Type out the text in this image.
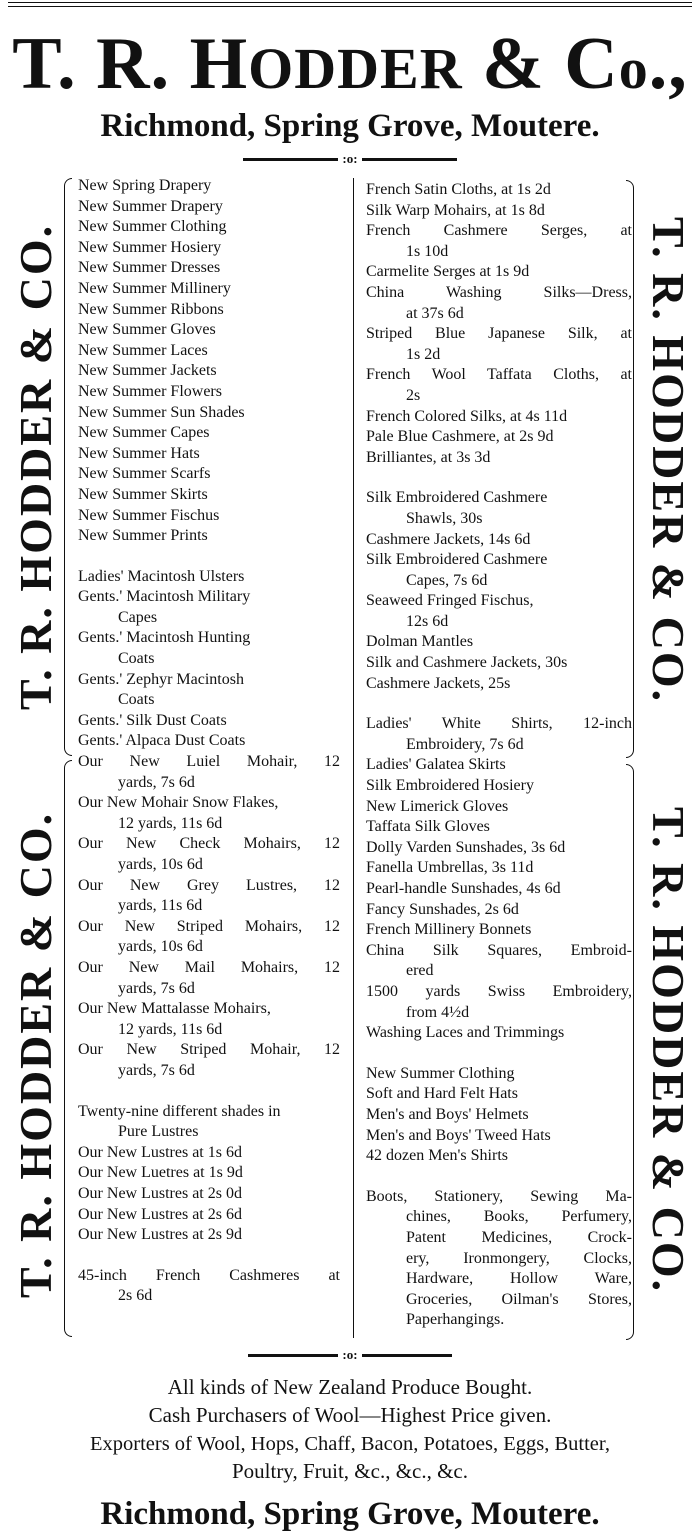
T. R. HODDER & Co.,
Richmond, Spring Grove, Moutere.
:o:
T. R. HODDER & CO.
T. R. HODDER & CO.
T. R. HODDER & CO.
T. R. HODDER & CO.
New Spring Drapery
New Summer Drapery
New Summer Clothing
New Summer Hosiery
New Summer Dresses
New Summer Millinery
New Summer Ribbons
New Summer Gloves
New Summer Laces
New Summer Jackets
New Summer Flowers
New Summer Sun Shades
New Summer Capes
New Summer Hats
New Summer Scarfs
New Summer Skirts
New Summer Fischus
New Summer Prints
Ladies' Macintosh Ulsters
Gents.' Macintosh Military
Capes
Gents.' Macintosh Hunting
Coats
Gents.' Zephyr Macintosh
Coats
Gents.' Silk Dust Coats
Gents.' Alpaca Dust Coats
Our New Luiel Mohair, 12
yards, 7s 6d
Our New Mohair Snow Flakes,
12 yards, 11s 6d
Our New Check Mohairs, 12
yards, 10s 6d
Our New Grey Lustres, 12
yards, 11s 6d
Our New Striped Mohairs, 12
yards, 10s 6d
Our New Mail Mohairs, 12
yards, 7s 6d
Our New Mattalasse Mohairs,
12 yards, 11s 6d
Our New Striped Mohair, 12
yards, 7s 6d
Twenty-nine different shades in
Pure Lustres
Our New Lustres at 1s 6d
Our New Luetres at 1s 9d
Our New Lustres at 2s 0d
Our New Lustres at 2s 6d
Our New Lustres at 2s 9d
45-inch French Cashmeres at
2s 6d
French Satin Cloths, at 1s 2d
Silk Warp Mohairs, at 1s 8d
French Cashmere Serges, at
1s 10d
Carmelite Serges at 1s 9d
China Washing Silks—Dress,
at 37s 6d
Striped Blue Japanese Silk, at
1s 2d
French Wool Taffata Cloths, at
2s
French Colored Silks, at 4s 11d
Pale Blue Cashmere, at 2s 9d
Brilliantes, at 3s 3d
Silk Embroidered Cashmere
Shawls, 30s
Cashmere Jackets, 14s 6d
Silk Embroidered Cashmere
Capes, 7s 6d
Seaweed Fringed Fischus,
12s 6d
Dolman Mantles
Silk and Cashmere Jackets, 30s
Cashmere Jackets, 25s
Ladies' White Shirts, 12-inch
Embroidery, 7s 6d
Ladies' Galatea Skirts
Silk Embroidered Hosiery
New Limerick Gloves
Taffata Silk Gloves
Dolly Varden Sunshades, 3s 6d
Fanella Umbrellas, 3s 11d
Pearl-handle Sunshades, 4s 6d
Fancy Sunshades, 2s 6d
French Millinery Bonnets
China Silk Squares, Embroid-
ered
1500 yards Swiss Embroidery,
from 4½d
Washing Laces and Trimmings
New Summer Clothing
Soft and Hard Felt Hats
Men's and Boys' Helmets
Men's and Boys' Tweed Hats
42 dozen Men's Shirts
Boots, Stationery, Sewing Ma-
chines, Books, Perfumery,
Patent Medicines, Crock-
ery, Ironmongery, Clocks,
Hardware, Hollow Ware,
Groceries, Oilman's Stores,
Paperhangings.
:o:
All kinds of New Zealand Produce Bought.
Cash Purchasers of Wool—Highest Price given.
Exporters of Wool, Hops, Chaff, Bacon, Potatoes, Eggs, Butter,
Poultry, Fruit, &c., &c., &c.
Richmond, Spring Grove, Moutere.
